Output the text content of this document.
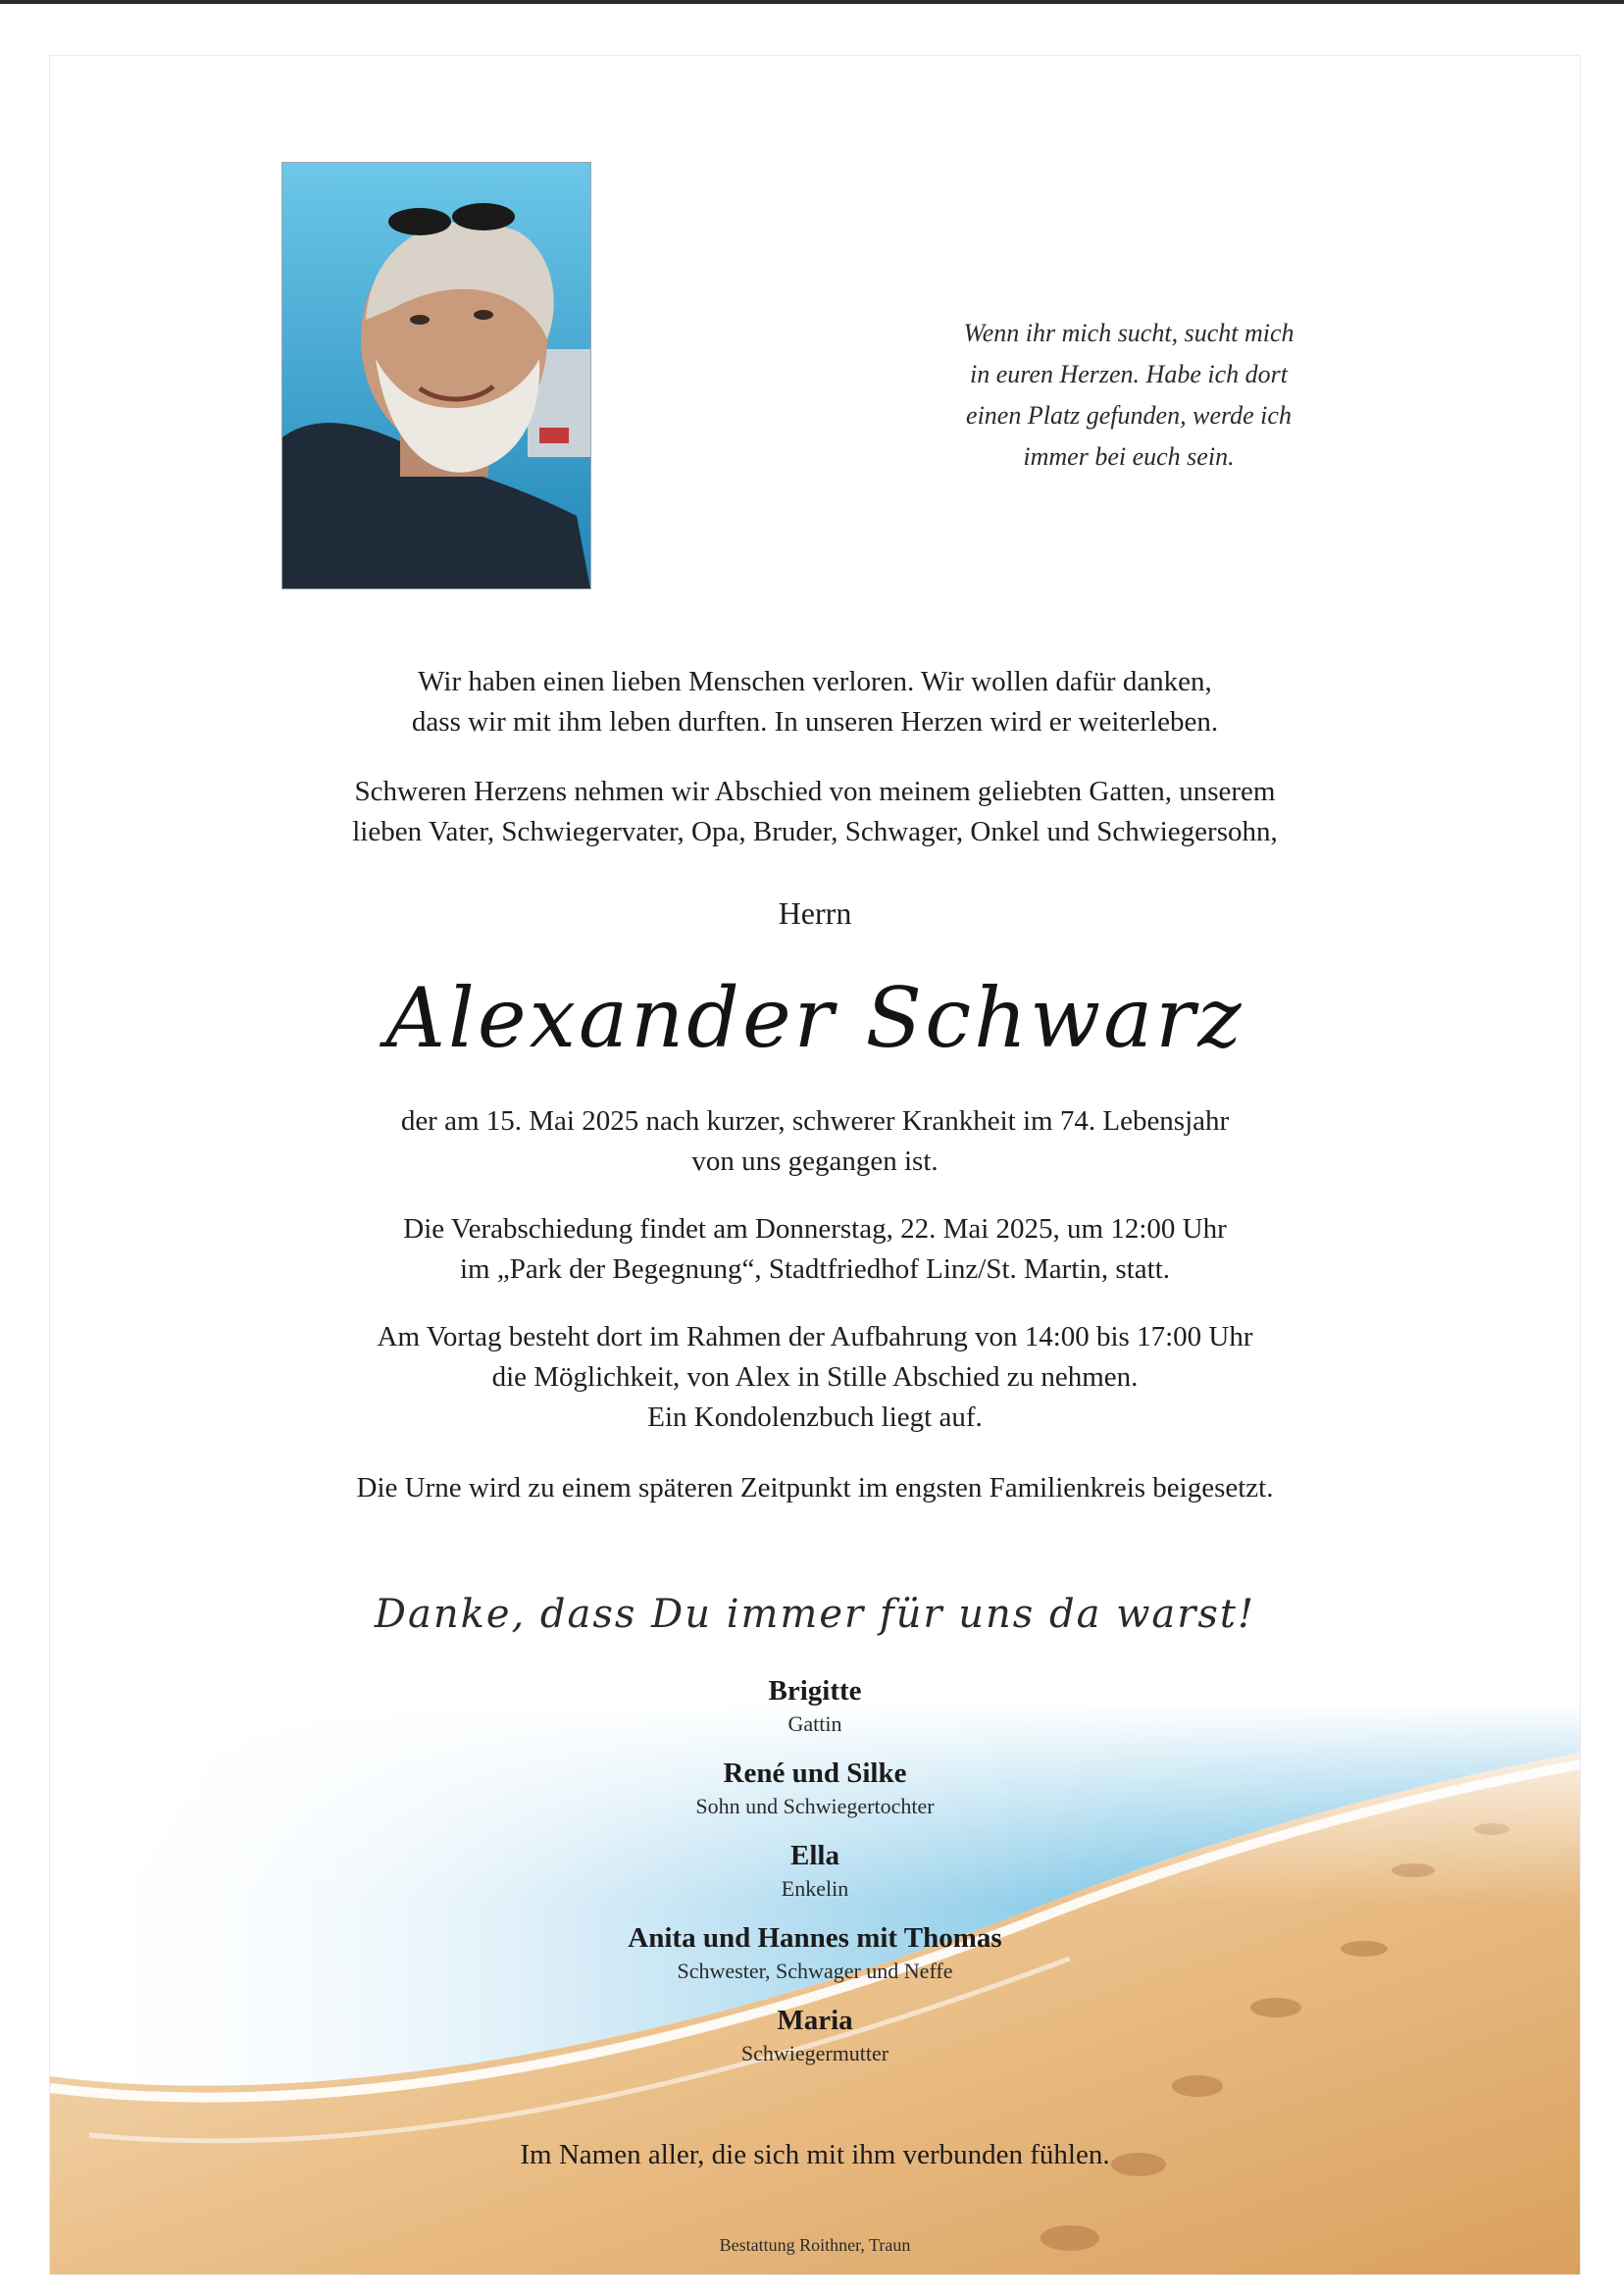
Wenn ihr mich sucht, sucht mich
in euren Herzen. Habe ich dort
einen Platz gefunden, werde ich
immer bei euch sein.
Wir haben einen lieben Menschen verloren. Wir wollen dafür danken,
dass wir mit ihm leben durften. In unseren Herzen wird er weiterleben.
Schweren Herzens nehmen wir Abschied von meinem geliebten Gatten, unserem
lieben Vater, Schwiegervater, Opa, Bruder, Schwager, Onkel und Schwiegersohn,
Herrn
Alexander Schwarz
der am 15. Mai 2025 nach kurzer, schwerer Krankheit im 74. Lebensjahr
von uns gegangen ist.
Die Verabschiedung findet am Donnerstag, 22. Mai 2025, um 12:00 Uhr
im „Park der Begegnung“, Stadtfriedhof Linz/St. Martin, statt.
Am Vortag besteht dort im Rahmen der Aufbahrung von 14:00 bis 17:00 Uhr
die Möglichkeit, von Alex in Stille Abschied zu nehmen.
Ein Kondolenzbuch liegt auf.
Die Urne wird zu einem späteren Zeitpunkt im engsten Familienkreis beigesetzt.
Danke, dass Du immer für uns da warst!
Brigitte
Gattin
René und Silke
Sohn und Schwiegertochter
Ella
Enkelin
Anita und Hannes mit Thomas
Schwester, Schwager und Neffe
Maria
Schwiegermutter
Im Namen aller, die sich mit ihm verbunden fühlen.
Bestattung Roithner, Traun
